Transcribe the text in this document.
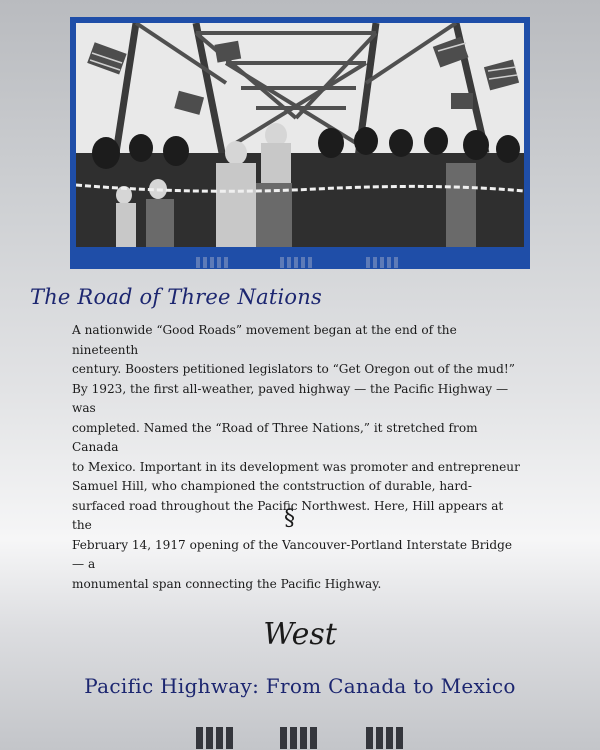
The Road of Three Nations

A nationwide “Good Roads” movement began at the end of the nineteenth
century. Boosters petitioned legislators to “Get Oregon out of the mud!”
By 1923, the first all-weather, paved highway — the Pacific Highway — was
completed. Named the “Road of Three Nations,” it stretched from Canada
to Mexico. Important in its development was promoter and entrepreneur
Samuel Hill, who championed the contstruction of durable, hard-
surfaced road throughout the Pacific Northwest. Here, Hill appears at the
February 14, 1917 opening of the Vancouver-Portland Interstate Bridge — a
monumental span connecting the Pacific Highway.

§
West
Pacific Highway: From Canada to Mexico
